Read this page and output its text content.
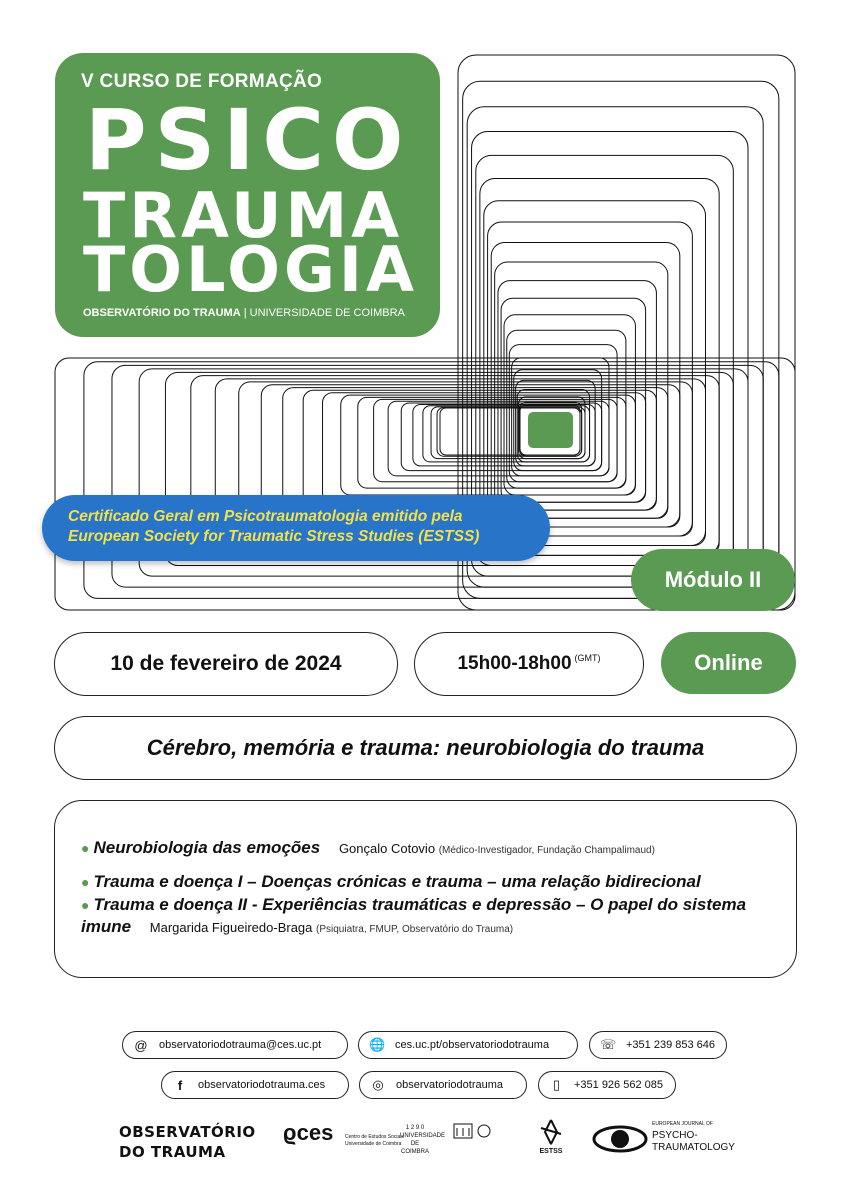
V CURSO DE FORMAÇÃO
PSICO
TRAUMA
TOLOGIA
OBSERVATÓRIO DO TRAUMA | UNIVERSIDADE DE COIMBRA
Certificado Geral em Psicotraumatologia emitido pela European Society for Traumatic Stress Studies (ESTSS)
Módulo II
10 de fevereiro de 2024	15h00-18h00 $^{(GMT)}$	Online
Cérebro, memória e trauma: neurobiologia do trauma
● Neurobiologia das emoções Gonçalo Cotovio (Médico-Investigador, Fundação Champalimaud)
● Trauma e doença I – Doenças crónicas e trauma – uma relação bidirecional
● Trauma e doença II - Experiências traumáticas e depressão – O papel do sistema imune Margarida Figueiredo-Braga (Psiquiatra, FMUP, Observatório do Trauma)
@ observatoriodotrauma@ces.uc.pt	🌐 ces.uc.pt/observatoriodotrauma	☏ +351 239 853 646
f	observatoriodotrauma.ces	◎ observatoriodotrauma	▯	+351 926 562 085
OBSERVATÓRIO
DO TRAUMA
ϱces Centro de Estudos Sociais Universidade de Coimbra
1 2 9 0
UNIVERSIDADE DE COIMBRA	ESTSS
EUROPEAN JOURNAL OF
PSYCHO-
TRAUMATOLOGY
